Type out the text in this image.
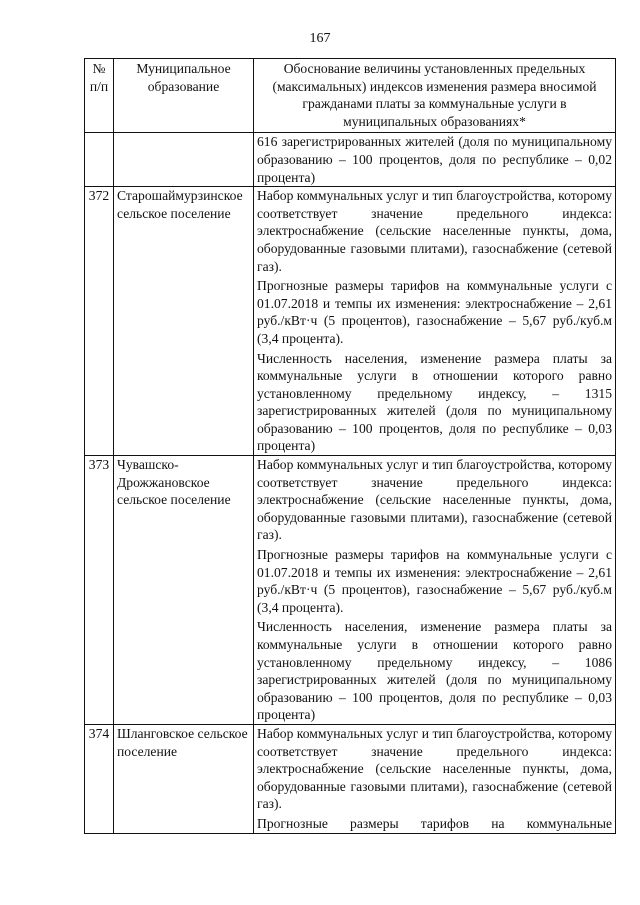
167
№ п/п	Муниципальное образование	Обоснование величины установленных предельных (максимальных) индексов изменения размера вносимой гражданами платы за коммунальные услуги в муниципальных образованиях*

		616 зарегистрированных жителей (доля по муниципальному образованию – 100 процентов, доля по республике – 0,02 процента)

372	Старошаймурзинское сельское поселение	Набор коммунальных услуг и тип благоустройства, которому соответствует значение предельного индекса: электроснабжение (сельские населенные пункты, дома, оборудованные газовыми плитами), газоснабжение (сетевой газ).

Прогнозные размеры тарифов на коммунальные услуги с 01.07.2018 и темпы их изменения: электроснабжение – 2,61 руб./кВт·ч (5 процентов), газоснабжение – 5,67 руб./куб.м (3,4 процента).

Численность населения, изменение размера платы за коммунальные услуги в отношении которого равно установленному предельному индексу, – 1315 зарегистрированных жителей (доля по муниципальному образованию – 100 процентов, доля по республике – 0,03 процента)

373	Чувашско-Дрожжановское сельское поселение	Набор коммунальных услуг и тип благоустройства, которому соответствует значение предельного индекса: электроснабжение (сельские населенные пункты, дома, оборудованные газовыми плитами), газоснабжение (сетевой газ).

Прогнозные размеры тарифов на коммунальные услуги с 01.07.2018 и темпы их изменения: электроснабжение – 2,61 руб./кВт·ч (5 процентов), газоснабжение – 5,67 руб./куб.м (3,4 процента).

Численность населения, изменение размера платы за коммунальные услуги в отношении которого равно установленному предельному индексу, – 1086 зарегистрированных жителей (доля по муниципальному образованию – 100 процентов, доля по республике – 0,03 процента)

374	Шланговское сельское поселение	Набор коммунальных услуг и тип благоустройства, которому соответствует значение предельного индекса: электроснабжение (сельские населенные пункты, дома, оборудованные газовыми плитами), газоснабжение (сетевой газ).

Прогнозные размеры тарифов на коммунальные
